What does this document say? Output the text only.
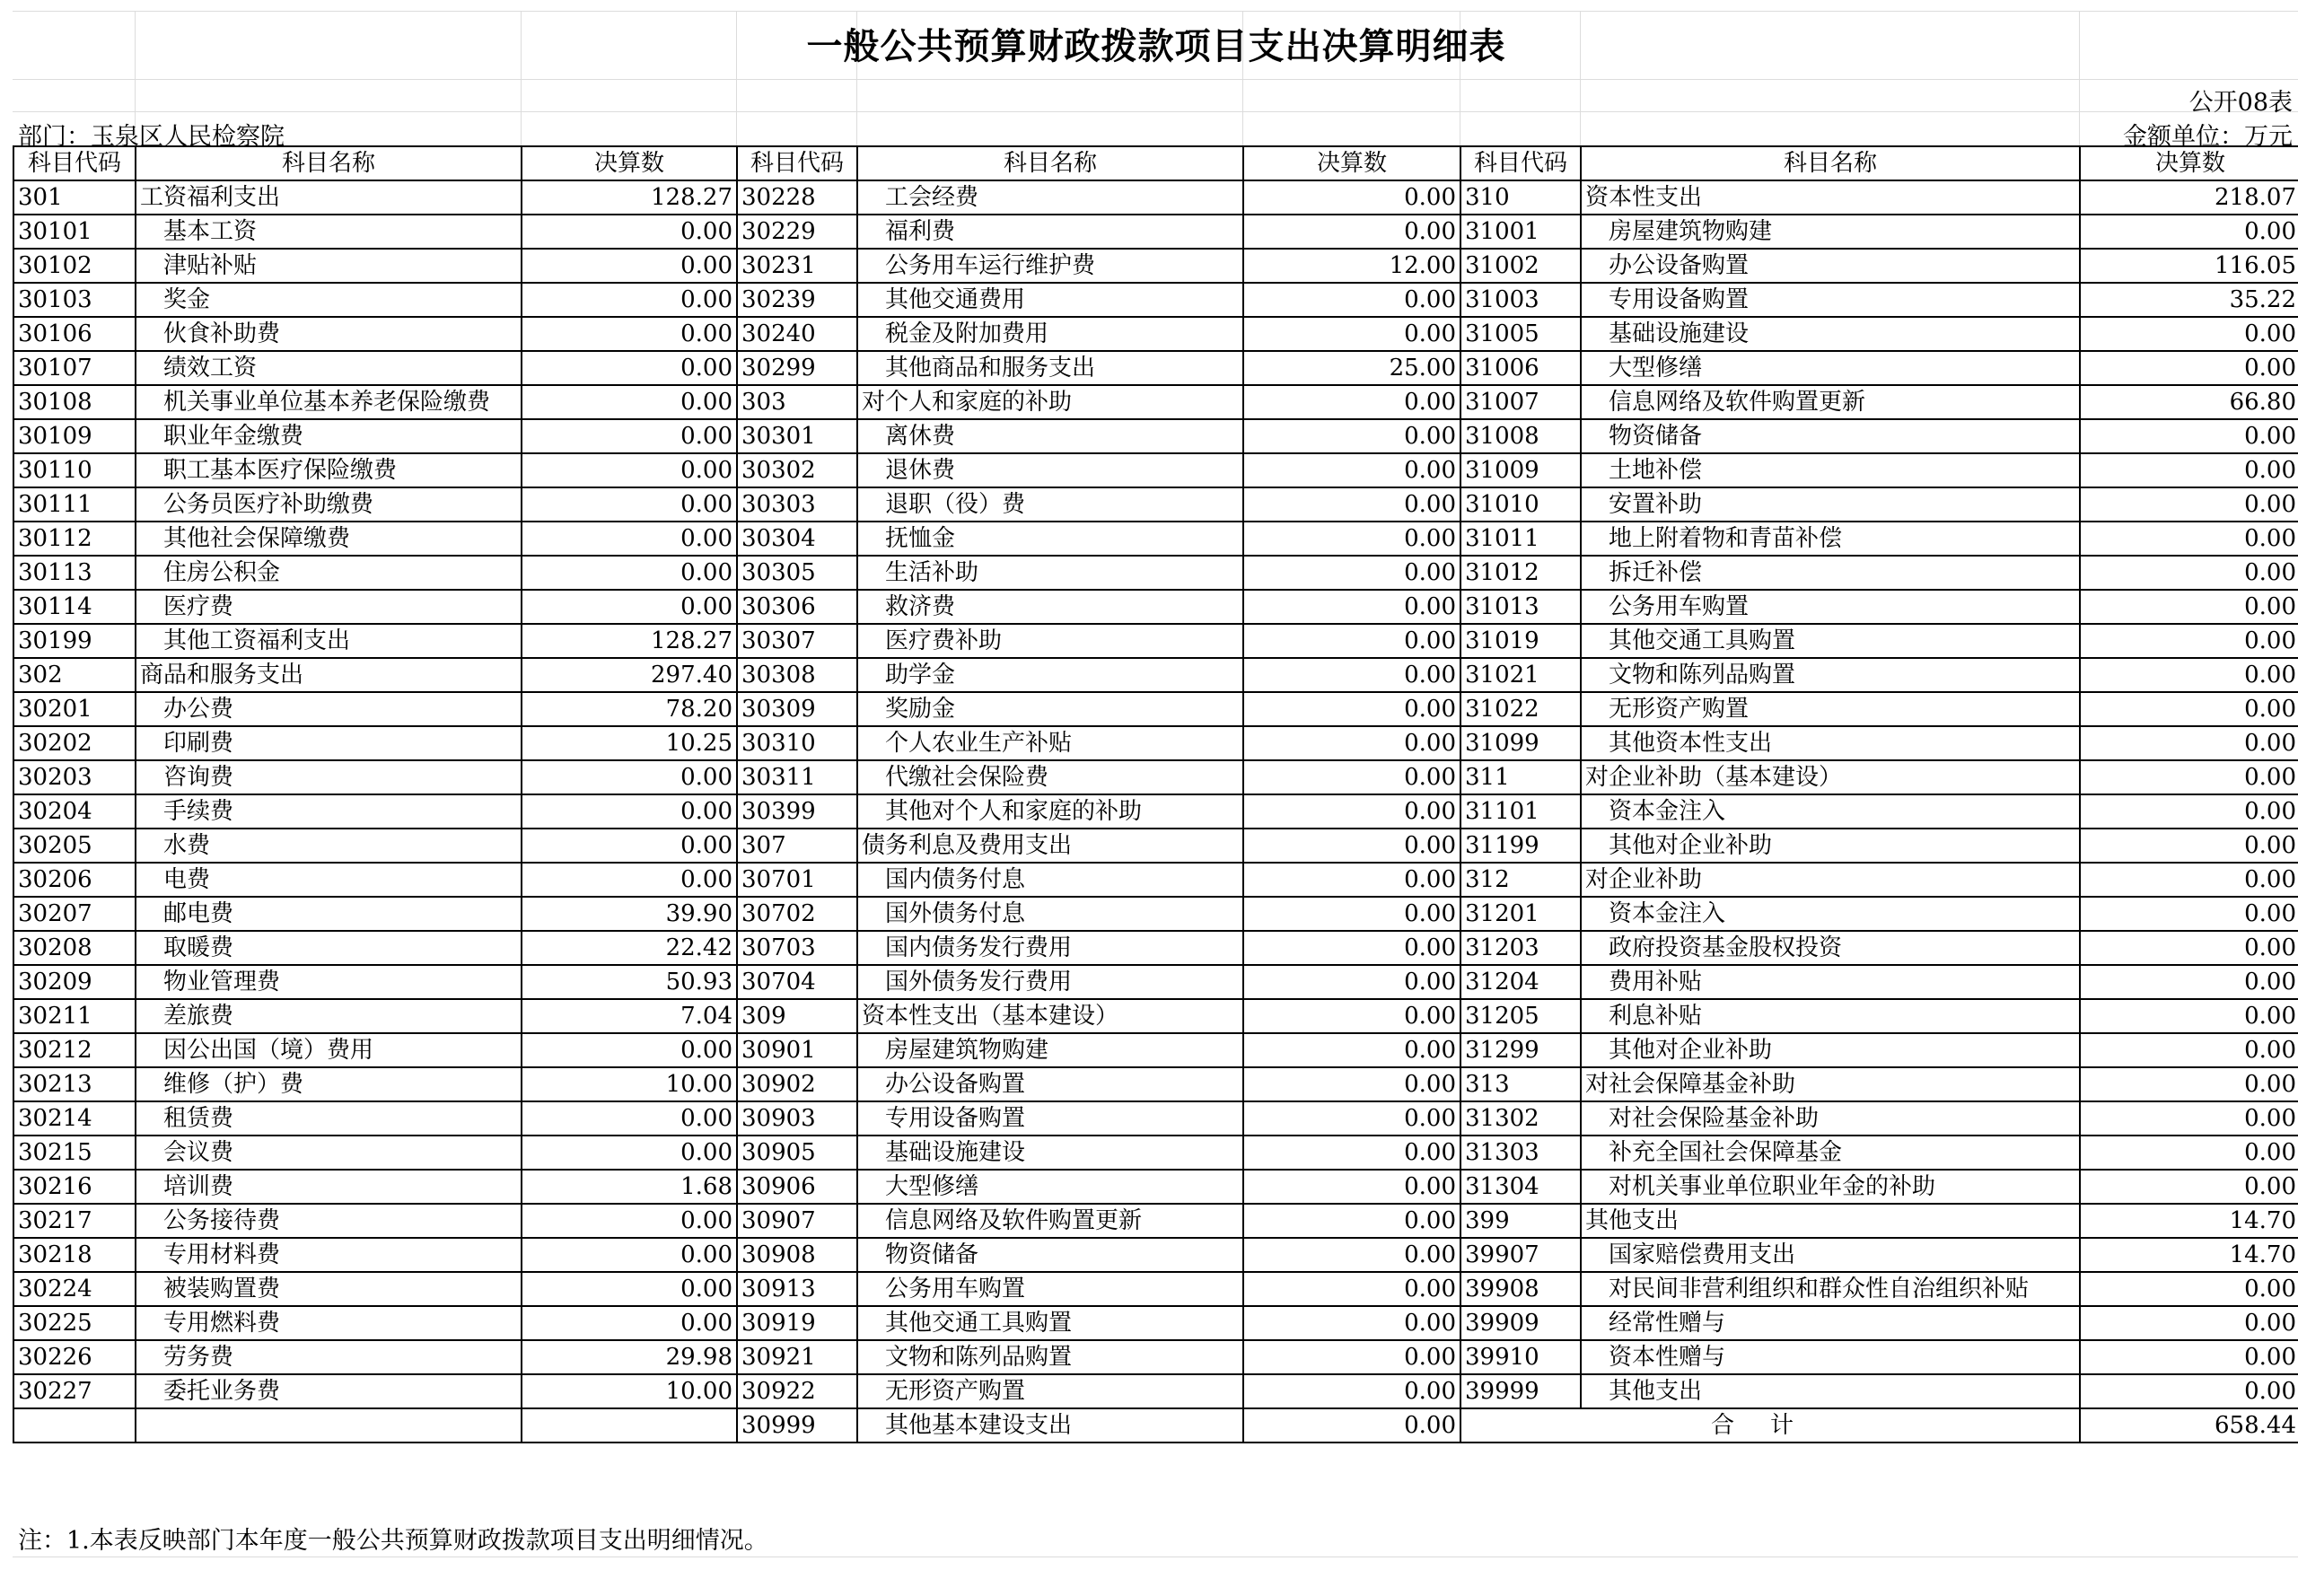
一般公共预算财政拨款项目支出决算明细表
公开08表
部门：玉泉区人民检察院	金额单位：万元
科目代码	科目名称	决算数	科目代码	科目名称	决算数	科目代码	科目名称	决算数
301	工资福利支出	128.27	30228	工会经费	0.00	310	资本性支出	218.07
30101	基本工资	0.00	30229	福利费	0.00	31001	房屋建筑物购建	0.00
30102	津贴补贴	0.00	30231	公务用车运行维护费	12.00	31002	办公设备购置	116.05
30103	奖金	0.00	30239	其他交通费用	0.00	31003	专用设备购置	35.22
30106	伙食补助费	0.00	30240	税金及附加费用	0.00	31005	基础设施建设	0.00
30107	绩效工资	0.00	30299	其他商品和服务支出	25.00	31006	大型修缮	0.00
30108	机关事业单位基本养老保险缴费	0.00	303	对个人和家庭的补助	0.00	31007	信息网络及软件购置更新	66.80
30109	职业年金缴费	0.00	30301	离休费	0.00	31008	物资储备	0.00
30110	职工基本医疗保险缴费	0.00	30302	退休费	0.00	31009	土地补偿	0.00
30111	公务员医疗补助缴费	0.00	30303	退职（役）费	0.00	31010	安置补助	0.00
30112	其他社会保障缴费	0.00	30304	抚恤金	0.00	31011	地上附着物和青苗补偿	0.00
30113	住房公积金	0.00	30305	生活补助	0.00	31012	拆迁补偿	0.00
30114	医疗费	0.00	30306	救济费	0.00	31013	公务用车购置	0.00
30199	其他工资福利支出	128.27	30307	医疗费补助	0.00	31019	其他交通工具购置	0.00
302	商品和服务支出	297.40	30308	助学金	0.00	31021	文物和陈列品购置	0.00
30201	办公费	78.20	30309	奖励金	0.00	31022	无形资产购置	0.00
30202	印刷费	10.25	30310	个人农业生产补贴	0.00	31099	其他资本性支出	0.00
30203	咨询费	0.00	30311	代缴社会保险费	0.00	311	对企业补助（基本建设）	0.00
30204	手续费	0.00	30399	其他对个人和家庭的补助	0.00	31101	资本金注入	0.00
30205	水费	0.00	307	债务利息及费用支出	0.00	31199	其他对企业补助	0.00
30206	电费	0.00	30701	国内债务付息	0.00	312	对企业补助	0.00
30207	邮电费	39.90	30702	国外债务付息	0.00	31201	资本金注入	0.00
30208	取暖费	22.42	30703	国内债务发行费用	0.00	31203	政府投资基金股权投资	0.00
30209	物业管理费	50.93	30704	国外债务发行费用	0.00	31204	费用补贴	0.00
30211	差旅费	7.04	309	资本性支出（基本建设）	0.00	31205	利息补贴	0.00
30212	因公出国（境）费用	0.00	30901	房屋建筑物购建	0.00	31299	其他对企业补助	0.00
30213	维修（护）费	10.00	30902	办公设备购置	0.00	313	对社会保障基金补助	0.00
30214	租赁费	0.00	30903	专用设备购置	0.00	31302	对社会保险基金补助	0.00
30215	会议费	0.00	30905	基础设施建设	0.00	31303	补充全国社会保障基金	0.00
30216	培训费	1.68	30906	大型修缮	0.00	31304	对机关事业单位职业年金的补助	0.00
30217	公务接待费	0.00	30907	信息网络及软件购置更新	0.00	399	其他支出	14.70
30218	专用材料费	0.00	30908	物资储备	0.00	39907	国家赔偿费用支出	14.70
30224	被装购置费	0.00	30913	公务用车购置	0.00	39908	对民间非营利组织和群众性自治组织补贴	0.00
30225	专用燃料费	0.00	30919	其他交通工具购置	0.00	39909	经常性赠与	0.00
30226	劳务费	29.98	30921	文物和陈列品购置	0.00	39910	资本性赠与	0.00
30227	委托业务费	10.00	30922	无形资产购置	0.00	39999	其他支出	0.00
			30999	其他基本建设支出	0.00	合计		658.44
注：1.本表反映部门本年度一般公共预算财政拨款项目支出明细情况。
